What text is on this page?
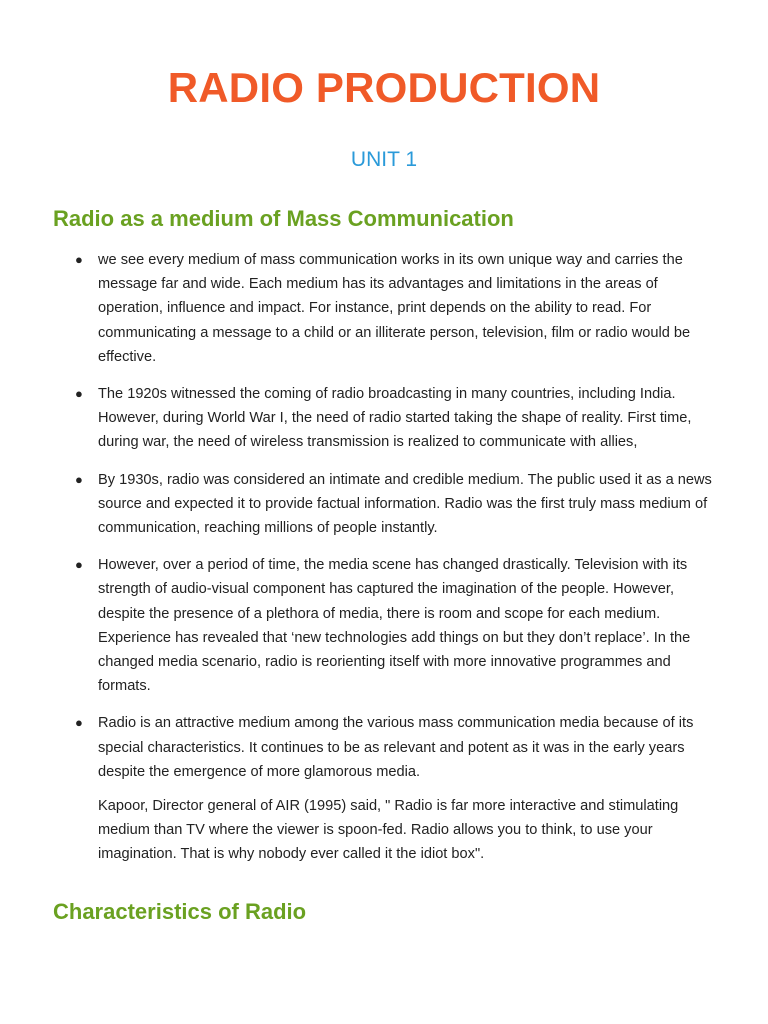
RADIO PRODUCTION
UNIT 1
Radio as a medium of Mass Communication
● we see every medium of mass communication works in its own unique way and carries the message far and wide. Each medium has its advantages and limitations in the areas of operation, influence and impact. For instance, print depends on the ability to read. For communicating a message to a child or an illiterate person, television, film or radio would be effective.
● The 1920s witnessed the coming of radio broadcasting in many countries, including India. However, during World War I, the need of radio started taking the shape of reality. First time, during war, the need of wireless transmission is realized to communicate with allies,
● By 1930s, radio was considered an intimate and credible medium. The public used it as a news source and expected it to provide factual information. Radio was the first truly mass medium of communication, reaching millions of people instantly.
● However, over a period of time, the media scene has changed drastically. Television with its strength of audio-visual component has captured the imagination of the people. However, despite the presence of a plethora of media, there is room and scope for each medium. Experience has revealed that ‘new technologies add things on but they don’t replace’. In the changed media scenario, radio is reorienting itself with more innovative programmes and formats.
● Radio is an attractive medium among the various mass communication media because of its special characteristics. It continues to be as relevant and potent as it was in the early years despite the emergence of more glamorous media.

Kapoor, Director general of AIR (1995) said, " Radio is far more interactive and stimulating medium than TV where the viewer is spoon-fed. Radio allows you to think, to use your imagination. That is why nobody ever called it the idiot box".

Characteristics of Radio
